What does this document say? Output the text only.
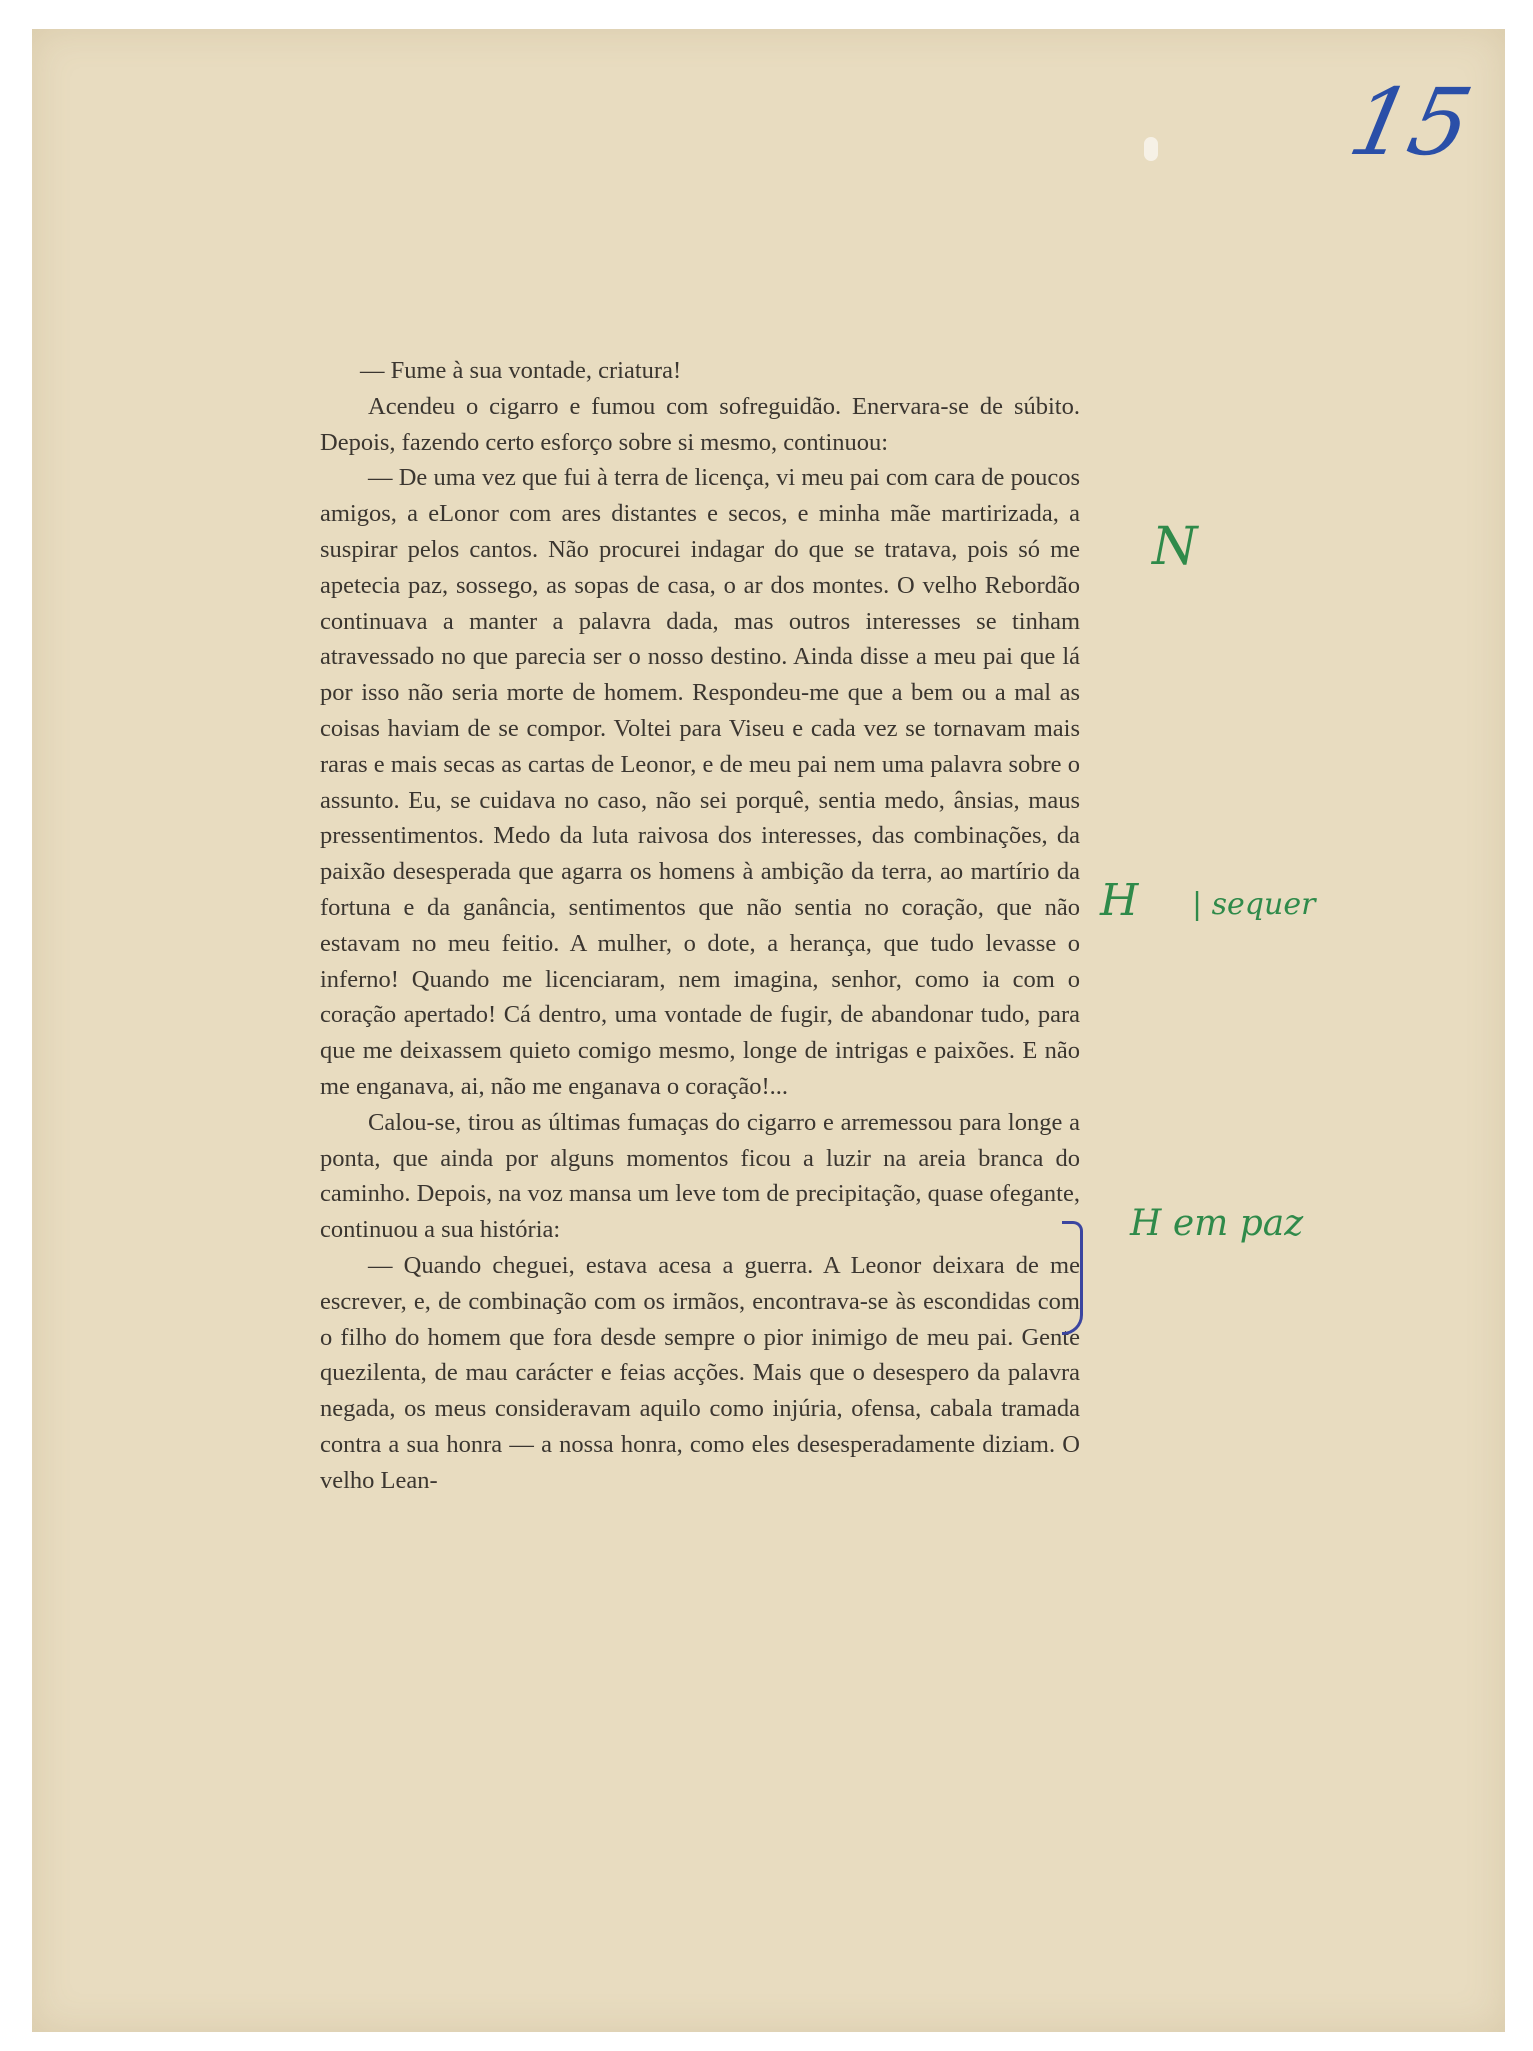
15

— Fume à sua vontade, criatura!

Acendeu o cigarro e fumou com sofreguidão. Enervara-se de súbito. Depois, fazendo certo esforço sobre si mesmo, continuou:

— De uma vez que fui à terra de licença, vi meu pai com cara de poucos amigos, a eLonor com ares distantes e secos, e minha mãe martirizada, a suspirar pelos cantos. Não procurei indagar do que se tratava, pois só me apetecia paz, sossego, as sopas de casa, o ar dos montes. O velho Rebordão continuava a manter a palavra dada, mas outros interesses se tinham atravessado no que parecia ser o nosso destino. Ainda disse a meu pai que lá por isso não seria morte de homem. Respondeu-me que a bem ou a mal as coisas haviam de se compor. Voltei para Viseu e cada vez se tornavam mais raras e mais secas as cartas de Leonor, e de meu pai nem uma palavra sobre o assunto. Eu, se cuidava no caso, não sei porquê, sentia medo, ânsias, maus pressentimentos. Medo da luta raivosa dos interesses, das combinações, da paixão desesperada que agarra os homens à ambição da terra, ao martírio da fortuna e da ganância, sentimentos que não sentia no coração, que não estavam no meu feitio. A mulher, o dote, a herança, que tudo levasse o inferno! Quando me licenciaram, nem imagina, senhor, como ia com o coração apertado! Cá dentro, uma vontade de fugir, de abandonar tudo, para que me deixassem quieto comigo mesmo, longe de intrigas e paixões. E não me enganava, ai, não me enganava o coração!...

Calou-se, tirou as últimas fumaças do cigarro e arremessou para longe a ponta, que ainda por alguns momentos ficou a luzir na areia branca do caminho. Depois, na voz mansa um leve tom de precipitação, quase ofegante, continuou a sua história:

— Quando cheguei, estava acesa a guerra. A Leonor deixara de me escrever, e, de combinação com os irmãos, encontrava-se às escondidas com o filho do homem que fora desde sempre o pior inimigo de meu pai. Gente quezilenta, de mau carácter e feias acções. Mais que o desespero da palavra negada, os meus consideravam aquilo como injúria, ofensa, cabala tramada contra a sua honra — a nossa honra, como eles desesperadamente diziam. O velho Lean-

N
H | sequer
H em paz
